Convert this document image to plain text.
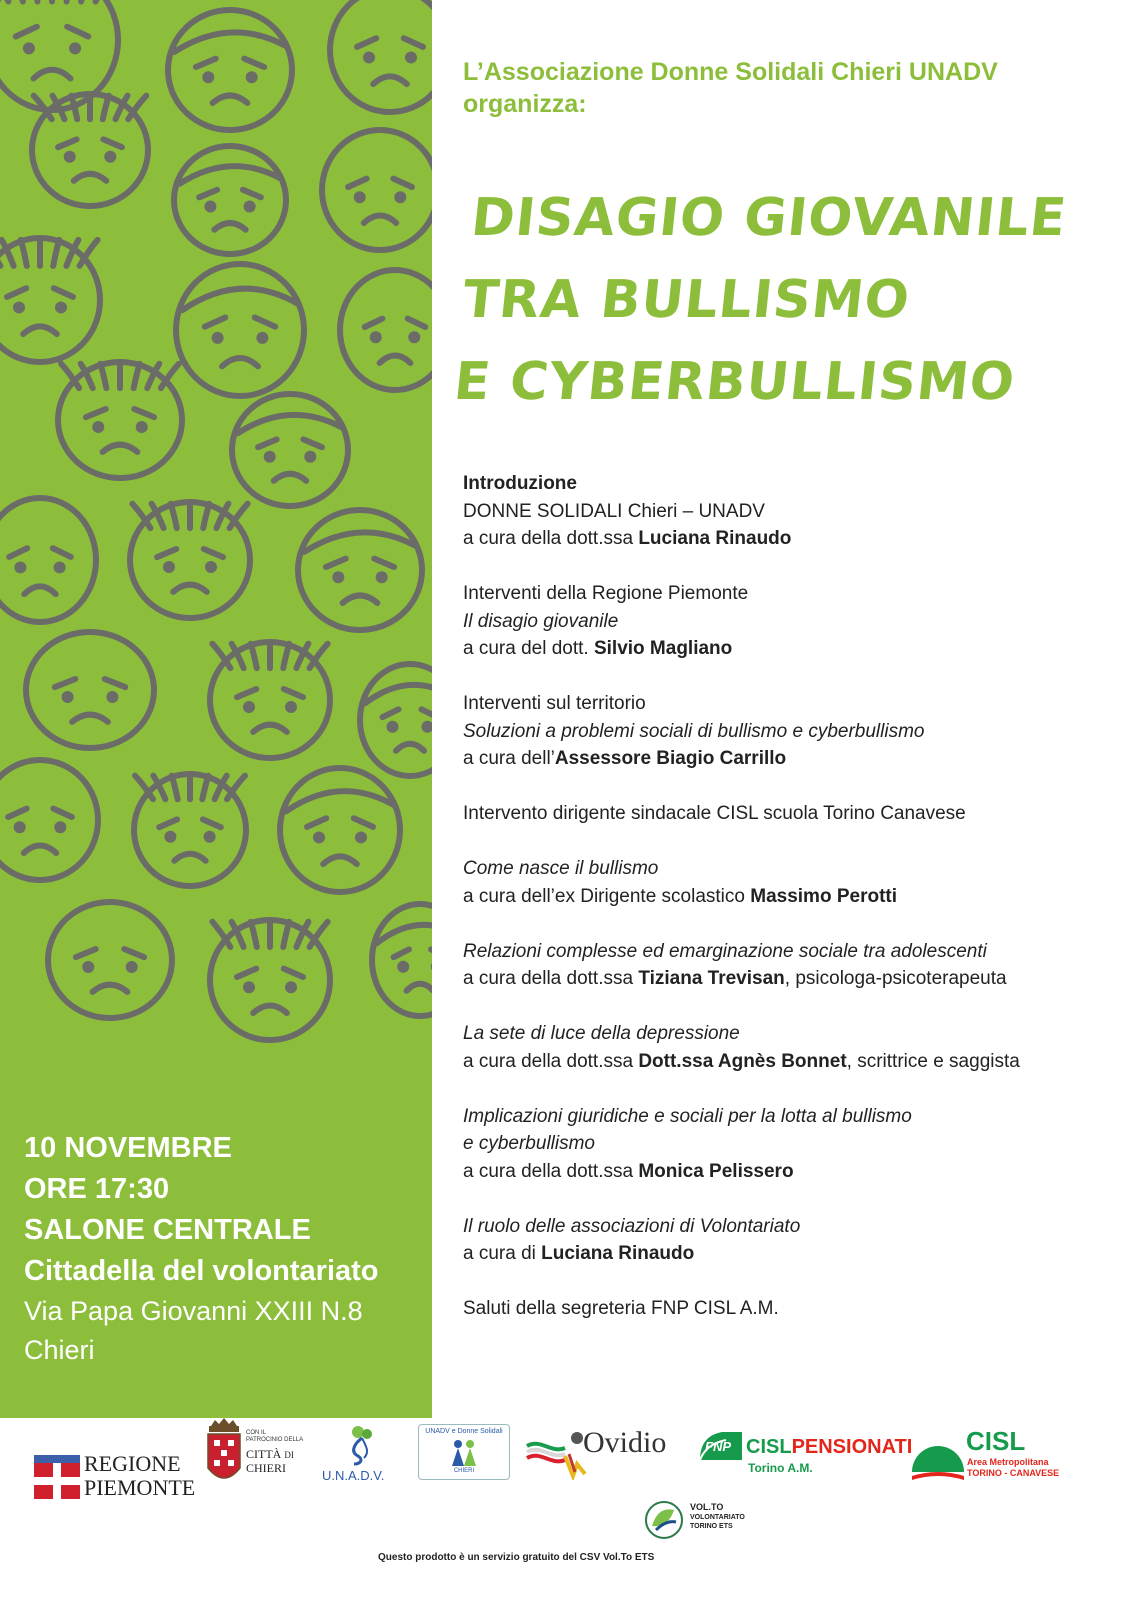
10 NOVEMBRE
ORE 17:30
SALONE CENTRALE
Cittadella del volontariato
Via Papa Giovanni XXIII N.8
Chieri
L’Associazione Donne Solidali Chieri UNADV
organizza:
DISAGIO GIOVANILE
TRA BULLISMO
E CYBERBULLISMO
Introduzione
DONNE SOLIDALI Chieri – UNADV
a cura della dott.ssa Luciana Rinaudo
Interventi della Regione Piemonte
Il disagio giovanile
a cura del dott. Silvio Magliano
Interventi sul territorio
Soluzioni a problemi sociali di bullismo e cyberbullismo
a cura dell’Assessore Biagio Carrillo
Intervento dirigente sindacale CISL scuola Torino Canavese
Come nasce il bullismo
a cura dell’ex Dirigente scolastico Massimo Perotti
Relazioni complesse ed emarginazione sociale tra adolescenti
a cura della dott.ssa Tiziana Trevisan, psicologa-psicoterapeuta
La sete di luce della depressione
a cura della dott.ssa Dott.ssa Agnès Bonnet, scrittrice e saggista
Implicazioni giuridiche e sociali per la lotta al bullismo
e cyberbullismo
a cura della dott.ssa Monica Pelissero
Il ruolo delle associazioni di Volontariato
a cura di Luciana Rinaudo
Saluti della segreteria FNP CISL A.M.
REGIONE
PIEMONTE
CON IL
PATROCINIO DELLA
CITTÀ DI
CHIERI	U.N.A.D.V.
UNADV e Donne Solidali
CHIERI
Ovidio	FNP CISLPENSIONATI
Torino A.M.
CISL
Area Metropolitana
TORINO - CANAVESE
VOL.TO
VOLONTARIATO
TORINO ETS
Questo prodotto è un servizio gratuito del CSV Vol.To ETS
